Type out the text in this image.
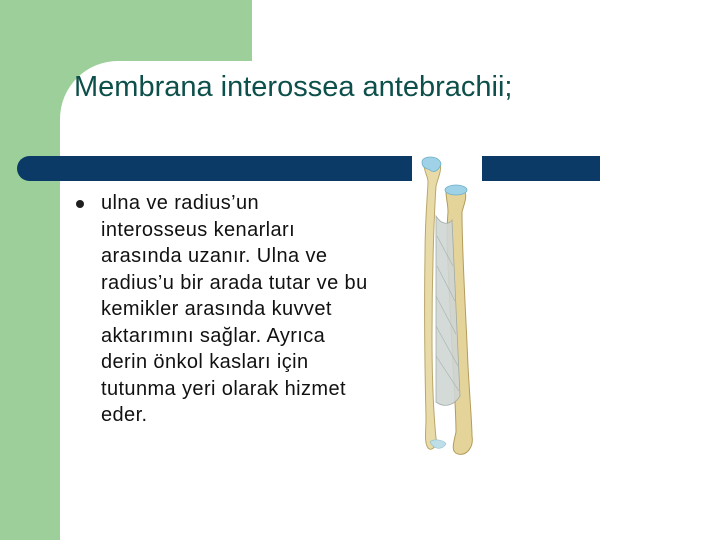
Membrana interossea antebrachii;

ulna ve radius’un interosseus kenarları arasında uzanır. Ulna ve radius’u bir arada tutar ve bu kemikler arasında kuvvet aktarımını sağlar. Ayrıca derin önkol kasları için tutunma yeri olarak hizmet eder.
